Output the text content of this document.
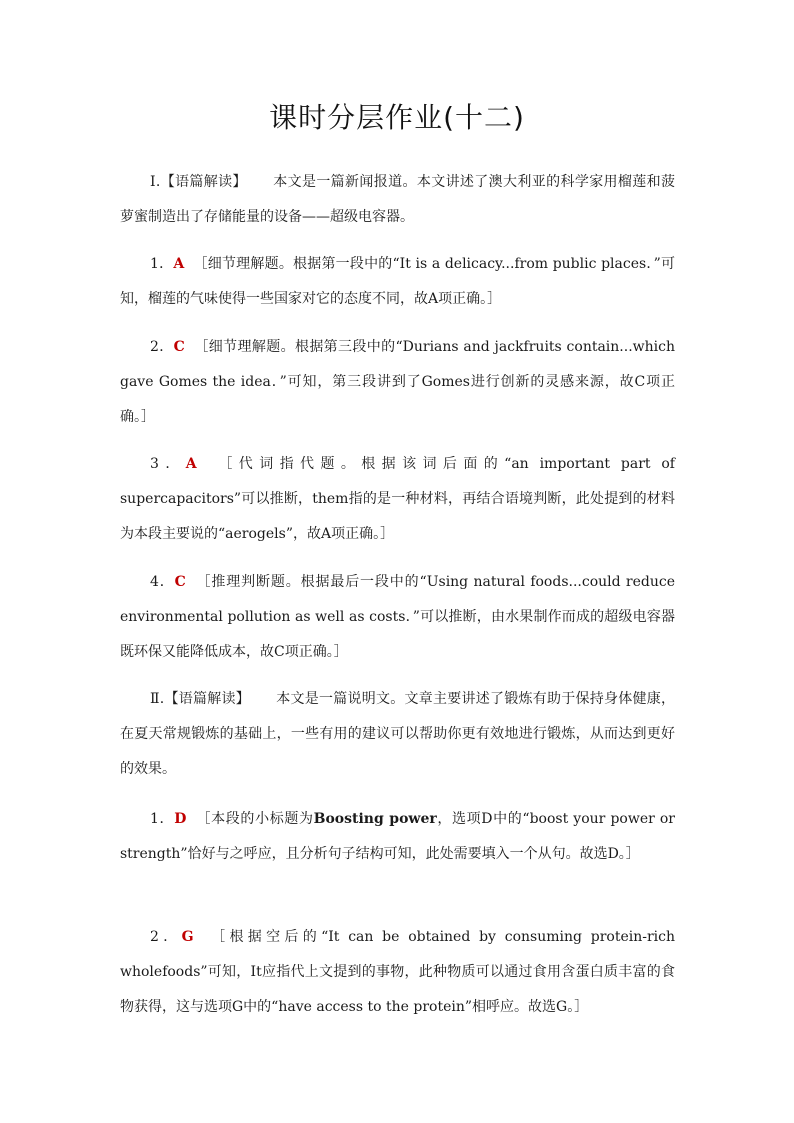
课时分层作业(十二)
Ⅰ.【语篇解读】 本文是一篇新闻报道。本文讲述了澳大利亚的科学家用榴莲和菠萝蜜制造出了存储能量的设备——超级电容器。
1．A ［细节理解题。根据第一段中的“It is a delicacy...from public places．”可知，榴莲的气味使得一些国家对它的态度不同，故A项正确。］
2．C ［细节理解题。根据第三段中的“Durians and jackfruits contain...which gave Gomes the idea．”可知，第三段讲到了Gomes进行创新的灵感来源，故C项正确。］
3．A ［代词指代题。根据该词后面的“an important part of supercapacitors”可以推断，them指的是一种材料，再结合语境判断，此处提到的材料为本段主要说的“aerogels”，故A项正确。］
4．C ［推理判断题。根据最后一段中的“Using natural foods...could reduce environmental pollution as well as costs．”可以推断，由水果制作而成的超级电容器既环保又能降低成本，故C项正确。］
Ⅱ.【语篇解读】 本文是一篇说明文。文章主要讲述了锻炼有助于保持身体健康，在夏天常规锻炼的基础上，一些有用的建议可以帮助你更有效地进行锻炼，从而达到更好的效果。
1．D ［本段的小标题为Boosting power，选项D中的“boost your power or strength”恰好与之呼应，且分析句子结构可知，此处需要填入一个从句。故选D。］
2．G ［根据空后的“It can be obtained by consuming protein-rich wholefoods”可知，It应指代上文提到的事物，此种物质可以通过食用含蛋白质丰富的食物获得，这与选项G中的“have access to the protein”相呼应。故选G。］
